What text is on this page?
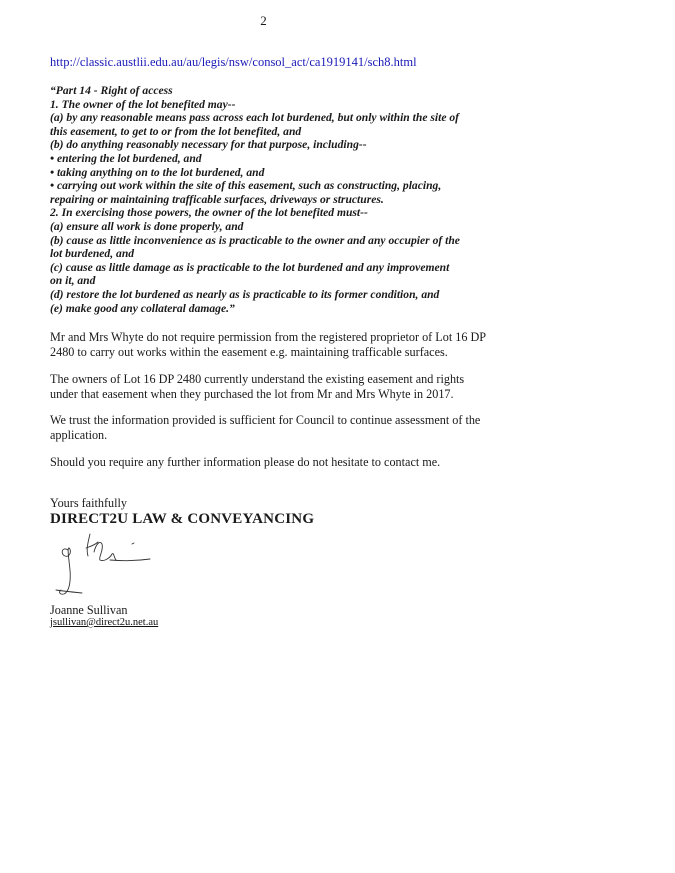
2
http://classic.austlii.edu.au/au/legis/nsw/consol_act/ca1919141/sch8.html
“Part 14 - Right of access
1. The owner of the lot benefited may--
(a) by any reasonable means pass across each lot burdened, but only within the site of
this easement, to get to or from the lot benefited, and
(b) do anything reasonably necessary for that purpose, including--
• entering the lot burdened, and
• taking anything on to the lot burdened, and
• carrying out work within the site of this easement, such as constructing, placing,
repairing or maintaining trafficable surfaces, driveways or structures.
2. In exercising those powers, the owner of the lot benefited must--
(a) ensure all work is done properly, and
(b) cause as little inconvenience as is practicable to the owner and any occupier of the
lot burdened, and
(c) cause as little damage as is practicable to the lot burdened and any improvement
on it, and
(d) restore the lot burdened as nearly as is practicable to its former condition, and
(e) make good any collateral damage.”
Mr and Mrs Whyte do not require permission from the registered proprietor of Lot 16 DP 2480 to carry out works within the easement e.g. maintaining trafficable surfaces.
The owners of Lot 16 DP 2480 currently understand the existing easement and rights under that easement when they purchased the lot from Mr and Mrs Whyte in 2017.
We trust the information provided is sufficient for Council to continue assessment of the application.
Should you require any further information please do not hesitate to contact me.
Yours faithfully
DIRECT2U LAW & CONVEYANCING
Joanne Sullivan
jsullivan@direct2u.net.au
